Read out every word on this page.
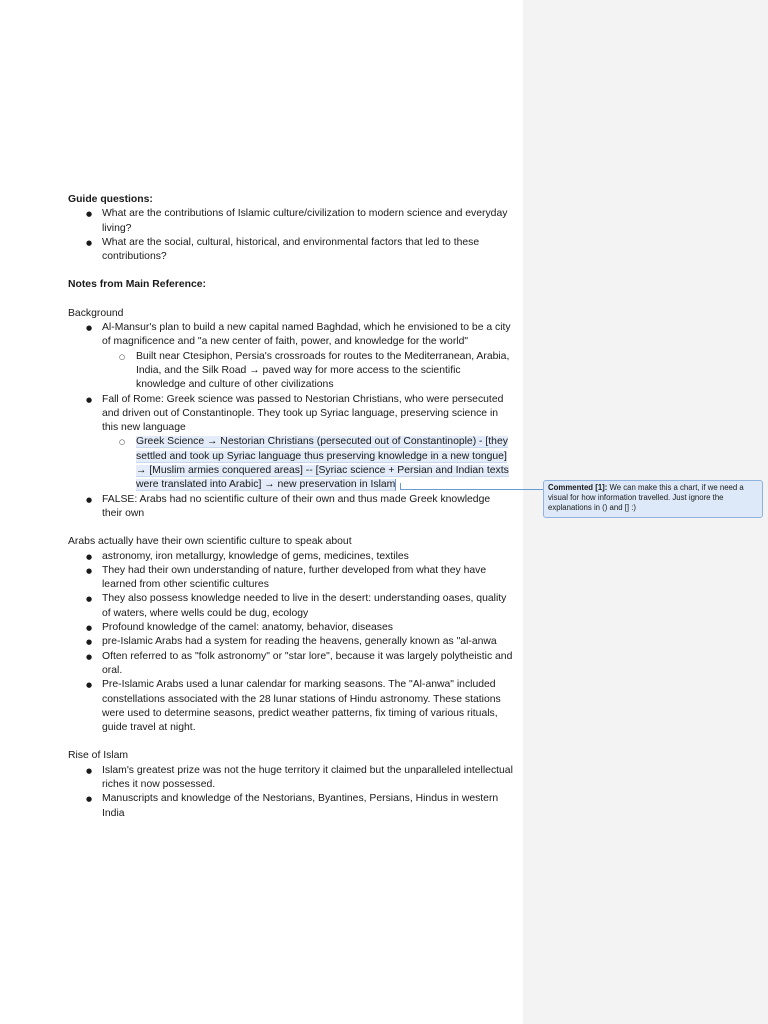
Guide questions:

● What are the contributions of Islamic culture/civilization to modern science and everyday living?
● What are the social, cultural, historical, and environmental factors that led to these contributions?

Notes from Main Reference:

Background

● Al-Mansur's plan to build a new capital named Baghdad, which he envisioned to be a city of magnificence and "a new center of faith, power, and knowledge for the world"
○ Built near Ctesiphon, Persia's crossroads for routes to the Mediterranean, Arabia, India, and the Silk Road → paved way for more access to the scientific knowledge and culture of other civilizations
● Fall of Rome: Greek science was passed to Nestorian Christians, who were persecuted and driven out of Constantinople. They took up Syriac language, preserving science in this new language
○ Greek Science → Nestorian Christians (persecuted out of Constantinople) - [they settled and took up Syriac language thus preserving knowledge in a new tongue] → [Muslim armies conquered areas] -- [Syriac science + Persian and Indian texts were translated into Arabic] → new preservation in Islam
● FALSE: Arabs had no scientific culture of their own and thus made Greek knowledge their own

Arabs actually have their own scientific culture to speak about

● astronomy, iron metallurgy, knowledge of gems, medicines, textiles
● They had their own understanding of nature, further developed from what they have learned from other scientific cultures
● They also possess knowledge needed to live in the desert: understanding oases, quality of waters, where wells could be dug, ecology
● Profound knowledge of the camel: anatomy, behavior, diseases
● pre-Islamic Arabs had a system for reading the heavens, generally known as "al-anwa
● Often referred to as "folk astronomy" or "star lore", because it was largely polytheistic and oral.
● Pre-Islamic Arabs used a lunar calendar for marking seasons. The "Al-anwa" included constellations associated with the 28 lunar stations of Hindu astronomy. These stations were used to determine seasons, predict weather patterns, fix timing of various rituals, guide travel at night.

Rise of Islam

● Islam's greatest prize was not the huge territory it claimed but the unparalleled intellectual riches it now possessed.
● Manuscripts and knowledge of the Nestorians, Byantines, Persians, Hindus in western India
Commented [1]: We can make this a chart, if we need a visual for how information travelled. Just ignore the explanations in () and [] :)
